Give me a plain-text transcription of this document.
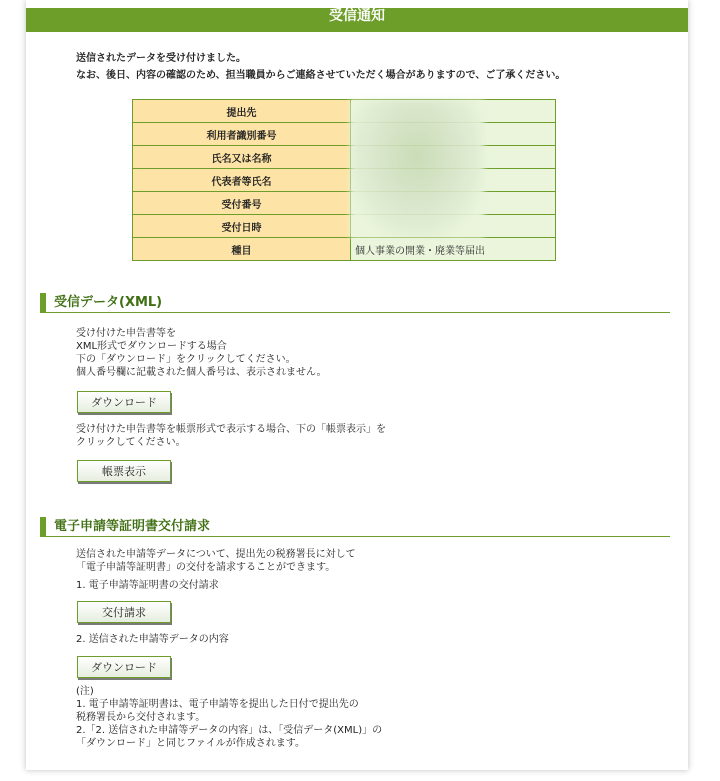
受信通知
送信されたデータを受け付けました。
なお、後日、内容の確認のため、担当職員からご連絡させていただく場合がありますので、ご了承ください。
提出先	
利用者識別番号	
氏名又は名称	
代表者等氏名	
受付番号	
受付日時	
種目	個人事業の開業・廃業等届出
受信データ(XML)
受け付けた申告書等を
XML形式でダウンロードする場合
下の「ダウンロード」をクリックしてください。
個人番号欄に記載された個人番号は、表示されません。
ダウンロード
受け付けた申告書等を帳票形式で表示する場合、下の「帳票表示」を
クリックしてください。
帳票表示
電子申請等証明書交付請求
送信された申請等データについて、提出先の税務署長に対して
「電子申請等証明書」の交付を請求することができます。
1. 電子申請等証明書の交付請求
交付請求
2. 送信された申請等データの内容
ダウンロード
(注)
1. 電子申請等証明書は、電子申請等を提出した日付で提出先の
税務署長から交付されます。
2.「2. 送信された申請等データの内容」は、「受信データ(XML)」の
「ダウンロード」と同じファイルが作成されます。
